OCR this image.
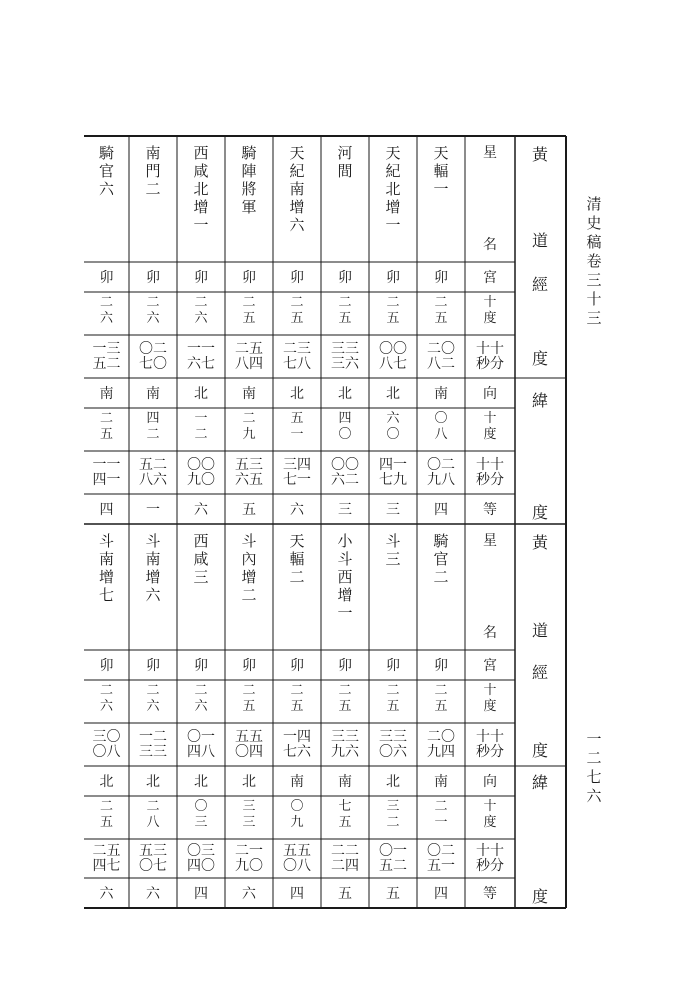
清
史
稿
卷
三
十
三
一
二
七
六
黃
道
經
度
緯
度
黃
道
經
度
緯
度
天
輻
一
卯
二
五
二〇
八二
南
〇
八
〇二
九八
四
天
紀
北
增
一
卯
二
五
〇〇
八七
北
六
〇
四一
七九
三
河
間
卯
二
五
三三
三六
北
四
〇
〇〇
六二
三
天
紀
南
增
六
卯
二
五
二三
七八
北
五
一
三四
七一
六
騎
陣
將
軍
卯
二
五
二五
八四
南
二
九
五三
六五
五
西
咸
北
增
一
卯
二
六
一一
六七
北
一
二
〇〇
九〇
六
南
門
二
卯
二
六
〇二
七〇
南
四
二
五二
八六
一
騎
官
六
卯
二
六
一三
五二
南
二
五
一一
四一
四
騎
官
二
卯
二
五
二〇
九四
南
二
一
〇二
五一
四
斗
三
卯
二
五
三三
〇六
北
三
二
〇一
五二
五
小
斗
西
增
一
卯
二
五
三三
九六
南
七
五
二二
二四
五
天
輻
二
卯
二
五
一四
七六
南
〇
九
五五
〇八
四
斗
內
增
二
卯
二
五
五五
〇四
北
三
三
二一
九〇
六
西
咸
三
卯
二
六
〇一
四八
北
〇
三
〇三
四〇
四
斗
南
增
六
卯
二
六
一二
三三
北
二
八
五三
〇七
六
斗
南
增
七
卯
二
六
三〇
〇八
北
二
五
二五
四七
六
星
名
宮
十
度
十十
秒分
向
十
度
十十
秒分
等
星
名
宮
十
度
十十
秒分
向
十
度
十十
秒分
等
